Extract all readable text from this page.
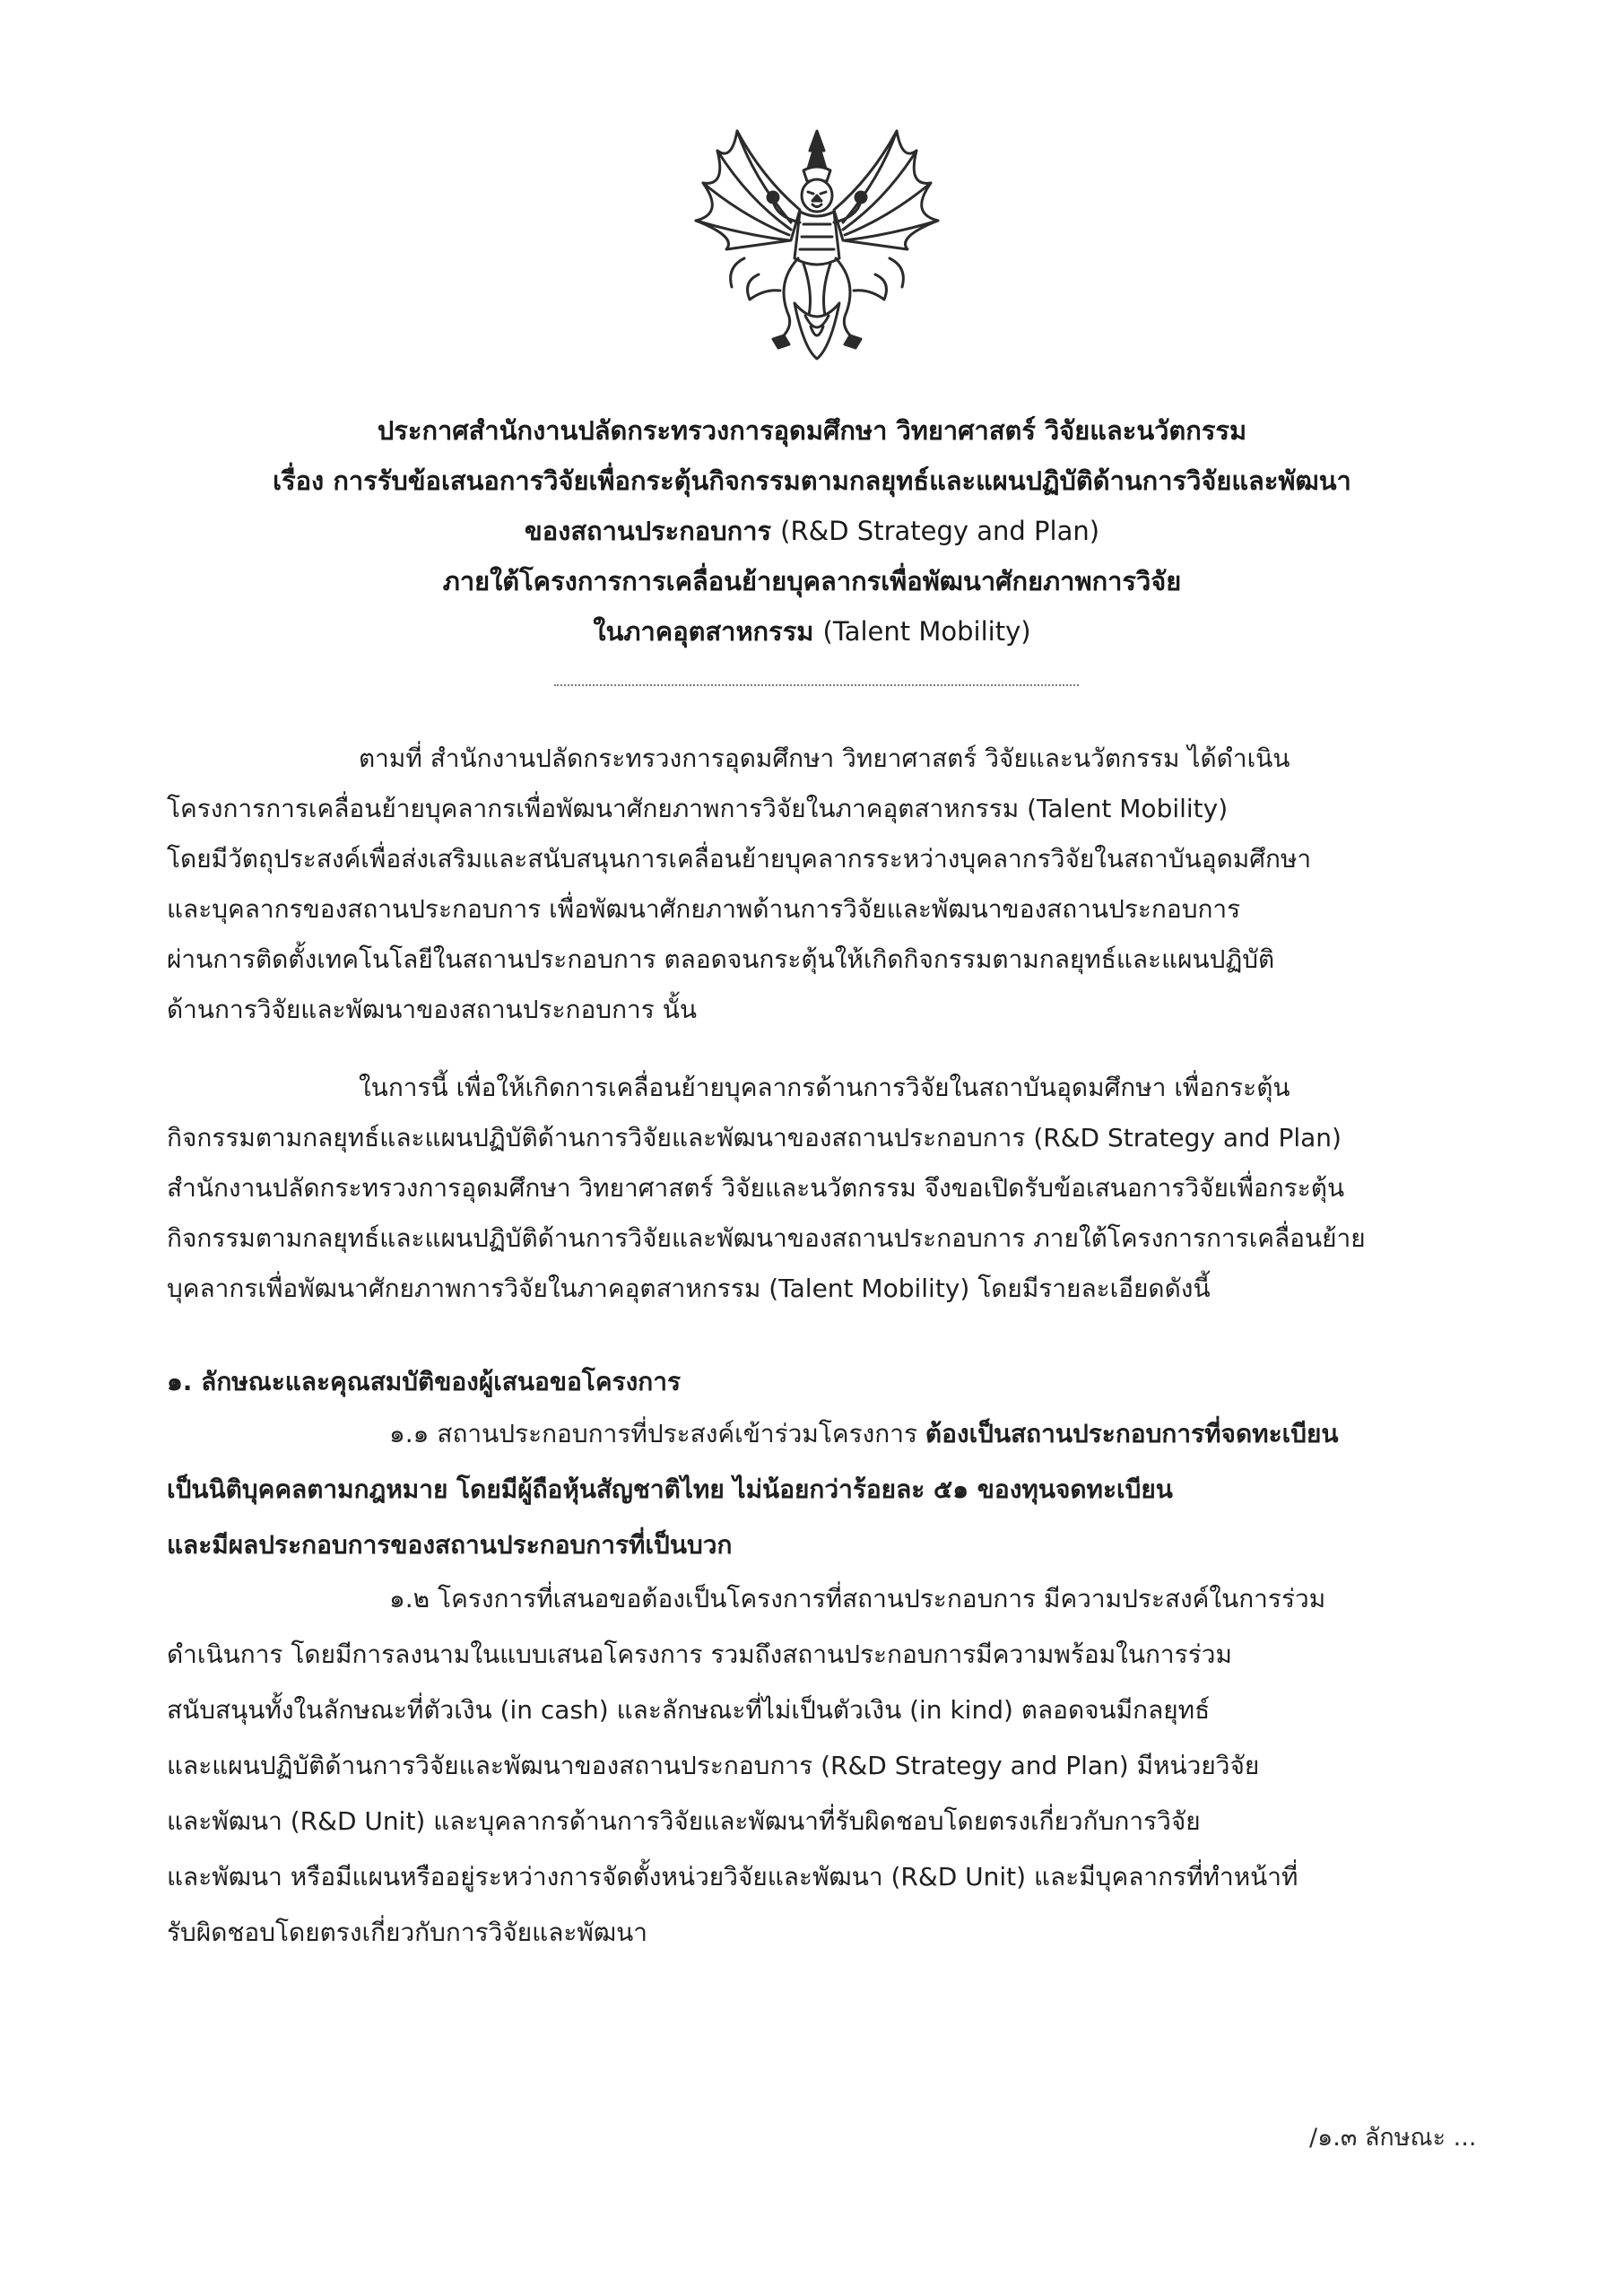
ประกาศสำนักงานปลัดกระทรวงการอุดมศึกษา วิทยาศาสตร์ วิจัยและนวัตกรรม
เรื่อง การรับข้อเสนอการวิจัยเพื่อกระตุ้นกิจกรรมตามกลยุทธ์และแผนปฏิบัติด้านการวิจัยและพัฒนา
ของสถานประกอบการ (R&D Strategy and Plan)
ภายใต้โครงการการเคลื่อนย้ายบุคลากรเพื่อพัฒนาศักยภาพการวิจัย
ในภาคอุตสาหกรรม (Talent Mobility)
ตามที่ สำนักงานปลัดกระทรวงการอุดมศึกษา วิทยาศาสตร์ วิจัยและนวัตกรรม ได้ดำเนิน
โครงการการเคลื่อนย้ายบุคลากรเพื่อพัฒนาศักยภาพการวิจัยในภาคอุตสาหกรรม (Talent Mobility)
โดยมีวัตถุประสงค์เพื่อส่งเสริมและสนับสนุนการเคลื่อนย้ายบุคลากรระหว่างบุคลากรวิจัยในสถาบันอุดมศึกษา
และบุคลากรของสถานประกอบการ เพื่อพัฒนาศักยภาพด้านการวิจัยและพัฒนาของสถานประกอบการ
ผ่านการติดตั้งเทคโนโลยีในสถานประกอบการ ตลอดจนกระตุ้นให้เกิดกิจกรรมตามกลยุทธ์และแผนปฏิบัติ
ด้านการวิจัยและพัฒนาของสถานประกอบการ นั้น
ในการนี้ เพื่อให้เกิดการเคลื่อนย้ายบุคลากรด้านการวิจัยในสถาบันอุดมศึกษา เพื่อกระตุ้น
กิจกรรมตามกลยุทธ์และแผนปฏิบัติด้านการวิจัยและพัฒนาของสถานประกอบการ (R&D Strategy and Plan)
สำนักงานปลัดกระทรวงการอุดมศึกษา วิทยาศาสตร์ วิจัยและนวัตกรรม จึงขอเปิดรับข้อเสนอการวิจัยเพื่อกระตุ้น
กิจกรรมตามกลยุทธ์และแผนปฏิบัติด้านการวิจัยและพัฒนาของสถานประกอบการ ภายใต้โครงการการเคลื่อนย้าย
บุคลากรเพื่อพัฒนาศักยภาพการวิจัยในภาคอุตสาหกรรม (Talent Mobility) โดยมีรายละเอียดดังนี้
๑. ลักษณะและคุณสมบัติของผู้เสนอขอโครงการ
๑.๑ สถานประกอบการที่ประสงค์เข้าร่วมโครงการ ต้องเป็นสถานประกอบการที่จดทะเบียน
เป็นนิติบุคคลตามกฎหมาย โดยมีผู้ถือหุ้นสัญชาติไทย ไม่น้อยกว่าร้อยละ ๕๑ ของทุนจดทะเบียน
และมีผลประกอบการของสถานประกอบการที่เป็นบวก
๑.๒ โครงการที่เสนอขอต้องเป็นโครงการที่สถานประกอบการ มีความประสงค์ในการร่วม
ดำเนินการ โดยมีการลงนามในแบบเสนอโครงการ รวมถึงสถานประกอบการมีความพร้อมในการร่วม
สนับสนุนทั้งในลักษณะที่ตัวเงิน (in cash) และลักษณะที่ไม่เป็นตัวเงิน (in kind) ตลอดจนมีกลยุทธ์
และแผนปฏิบัติด้านการวิจัยและพัฒนาของสถานประกอบการ (R&D Strategy and Plan) มีหน่วยวิจัย
และพัฒนา (R&D Unit) และบุคลากรด้านการวิจัยและพัฒนาที่รับผิดชอบโดยตรงเกี่ยวกับการวิจัย
และพัฒนา หรือมีแผนหรืออยู่ระหว่างการจัดตั้งหน่วยวิจัยและพัฒนา (R&D Unit) และมีบุคลากรที่ทำหน้าที่
รับผิดชอบโดยตรงเกี่ยวกับการวิจัยและพัฒนา
/๑.๓ ลักษณะ ...
